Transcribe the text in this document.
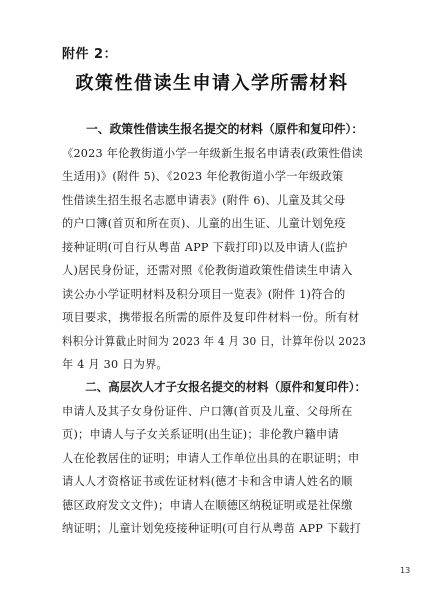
附件 2：
政策性借读生申请入学所需材料
一、政策性借读生报名提交的材料（原件和复印件）：
《2023 年伦教街道小学一年级新生报名申请表(政策性借读
生适用)》(附件 5)、《2023 年伦教街道小学一年级政策
性借读生招生报名志愿申请表》(附件 6)、儿童及其父母
的户口簿(首页和所在页)、儿童的出生证、儿童计划免疫
接种证明(可自行从粤苗 APP 下载打印)以及申请人(监护
人)居民身份证，还需对照《伦教街道政策性借读生申请入
读公办小学证明材料及积分项目一览表》(附件 1)符合的
项目要求，携带报名所需的原件及复印件材料一份。所有材
料积分计算截止时间为 2023 年 4 月 30 日，计算年份以 2023
年 4 月 30 日为界。
二、高层次人才子女报名提交的材料（原件和复印件）：
申请人及其子女身份证件、户口簿(首页及儿童、父母所在
页)；申请人与子女关系证明(出生证)；非伦教户籍申请
人在伦教居住的证明；申请人工作单位出具的在职证明；申
请人人才资格证书或佐证材料(德才卡和含申请人姓名的顺
德区政府发文文件)；申请人在顺德区纳税证明或是社保缴
纳证明；儿童计划免疫接种证明(可自行从粤苗 APP 下载打
13
